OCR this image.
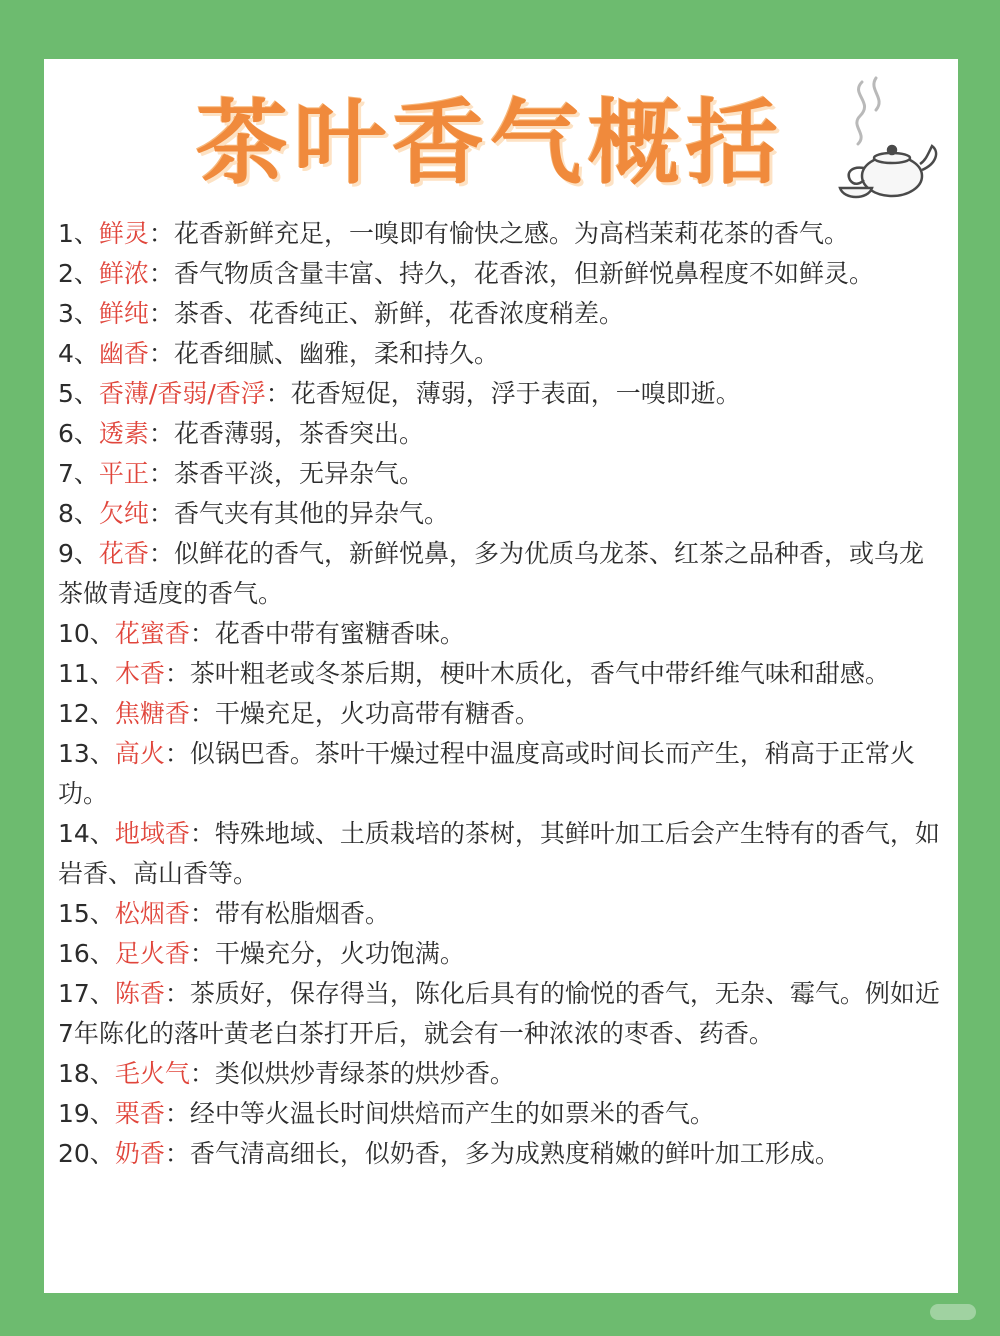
茶叶香气概括
1、鲜灵：花香新鲜充足，一嗅即有愉快之感。为高档茉莉花茶的香气。
2、鲜浓：香气物质含量丰富、持久，花香浓，但新鲜悦鼻程度不如鲜灵。
3、鲜纯：茶香、花香纯正、新鲜，花香浓度稍差。
4、幽香：花香细腻、幽雅，柔和持久。
5、香薄/香弱/香浮：花香短促，薄弱，浮于表面，一嗅即逝。
6、透素：花香薄弱，茶香突出。
7、平正：茶香平淡，无异杂气。
8、欠纯：香气夹有其他的异杂气。
9、花香：似鲜花的香气，新鲜悦鼻，多为优质乌龙茶、红茶之品种香，或乌龙茶做青适度的香气。
10、花蜜香：花香中带有蜜糖香味。
11、木香：茶叶粗老或冬茶后期，梗叶木质化，香气中带纤维气味和甜感。
12、焦糖香：干燥充足，火功高带有糖香。
13、高火：似锅巴香。茶叶干燥过程中温度高或时间长而产生，稍高于正常火功。
14、地域香：特殊地域、土质栽培的茶树，其鲜叶加工后会产生特有的香气，如岩香、高山香等。
15、松烟香：带有松脂烟香。
16、足火香：干燥充分，火功饱满。
17、陈香：茶质好，保存得当，陈化后具有的愉悦的香气，无杂、霉气。例如近7年陈化的落叶黄老白茶打开后，就会有一种浓浓的枣香、药香。
18、毛火气：类似烘炒青绿茶的烘炒香。
19、栗香：经中等火温长时间烘焙而产生的如票米的香气。
20、奶香：香气清高细长，似奶香，多为成熟度稍嫩的鲜叶加工形成。
